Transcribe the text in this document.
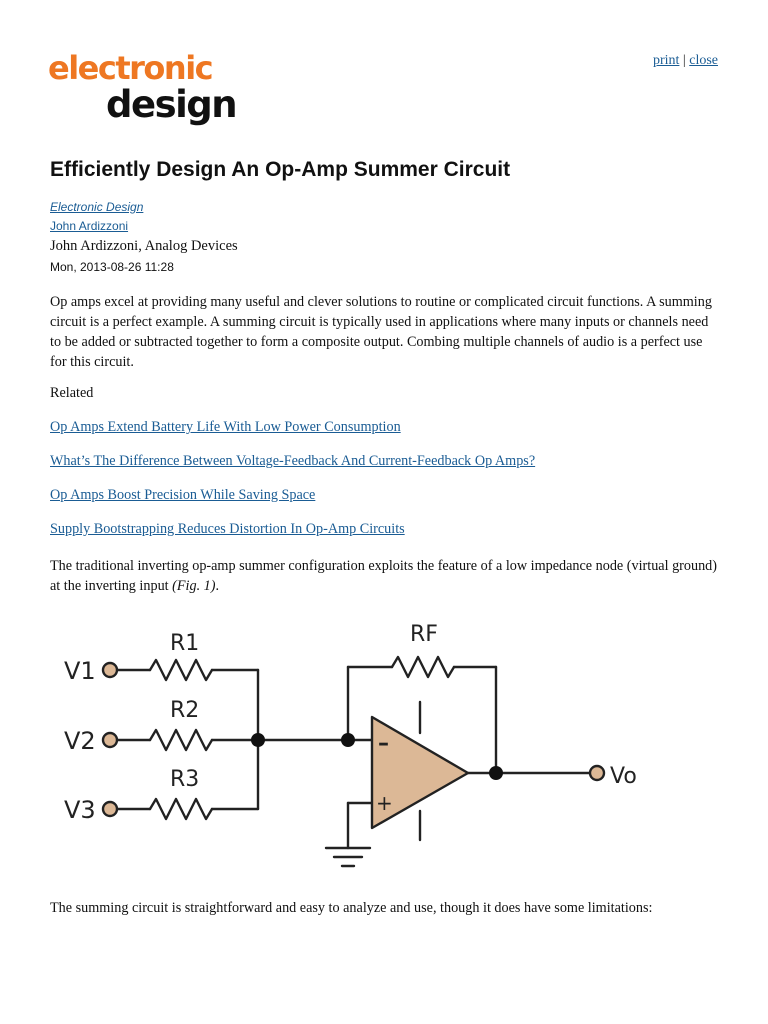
electronic
design
print | close
Efficiently Design An Op-Amp Summer Circuit
Electronic Design
John Ardizzoni
John Ardizzoni, Analog Devices
Mon, 2013-08-26 11:28

Op amps excel at providing many useful and clever solutions to routine or complicated circuit functions. A summing circuit is a perfect example. A summing circuit is typically used in applications where many inputs or channels need to be added or subtracted together to form a composite output. Combing multiple channels of audio is a perfect use for this circuit.

Related
Op Amps Extend Battery Life With Low Power Consumption
What’s The Difference Between Voltage-Feedback And Current-Feedback Op Amps?
Op Amps Boost Precision While Saving Space
Supply Bootstrapping Reduces Distortion In Op-Amp Circuits

The traditional inverting op-amp summer configuration exploits the feature of a low impedance node (virtual ground) at the inverting input (Fig. 1).

V1
V2
V3
R1
R2
R3
RF
Vo
–
+

The summing circuit is straightforward and easy to analyze and use, though it does have some limitations:
